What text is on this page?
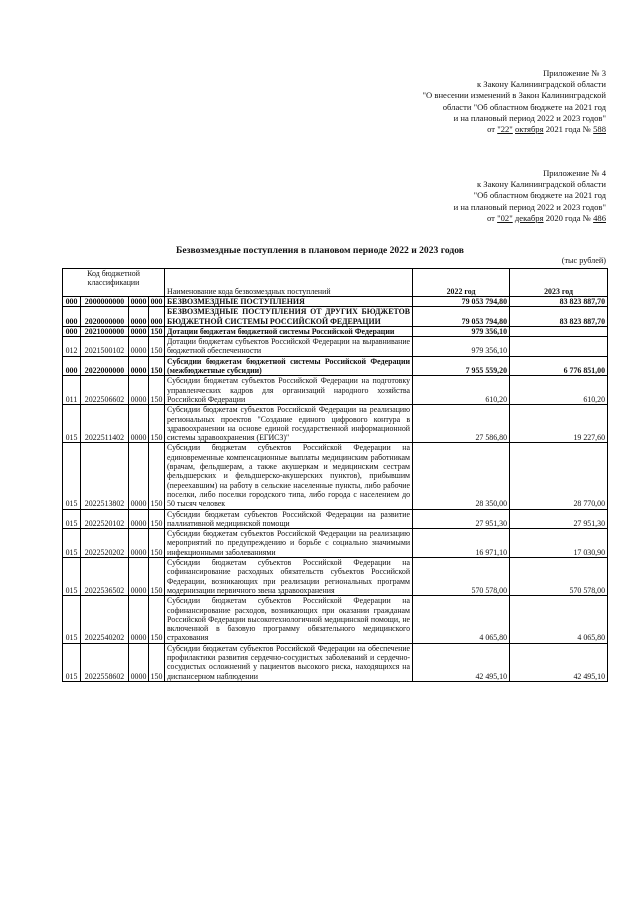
Приложение № 3
к Закону Калининградской области
"О внесении изменений в Закон Калининградской
области "Об областном бюджете на 2021 год
и на плановый период 2022 и 2023 годов"
от "22" октября 2021 года № 588
Приложение № 4
к Закону Калининградской области
"Об областном бюджете на 2021 год
и на плановый период 2022 и 2023 годов"
от "02" декабря 2020 года № 486
Безвозмездные поступления в плановом периоде 2022 и 2023 годов
(тыс рублей)
Код бюджетной классификации				Наименование кода безвозмездных поступлений	2022 год	2023 год
000	2000000000	0000	000	БЕЗВОЗМЕЗДНЫЕ ПОСТУПЛЕНИЯ	79 053 794,80	83 823 887,70
000	2020000000	0000	000	БЕЗВОЗМЕЗДНЫЕ ПОСТУПЛЕНИЯ ОТ ДРУГИХ БЮДЖЕТОВ БЮДЖЕТНОЙ СИСТЕМЫ РОССИЙСКОЙ ФЕДЕРАЦИИ	79 053 794,80	83 823 887,70
000	2021000000	0000	150	Дотации бюджетам бюджетной системы Российской Федерации	979 356,10	
012	2021500102	0000	150	Дотации бюджетам субъектов Российской Федерации на выравнивание бюджетной обеспеченности	979 356,10	
000	2022000000	0000	150	Субсидии бюджетам бюджетной системы Российской Федерации (межбюджетные субсидии)	7 955 559,20	6 776 851,00
011	2022506602	0000	150	Субсидии бюджетам субъектов Российской Федерации на подготовку управленческих кадров для организаций народного хозяйства Российской Федерации	610,20	610,20
015	2022511402	0000	150	Субсидии бюджетам субъектов Российской Федерации на реализацию региональных проектов "Создание единого цифрового контура в здравоохранении на основе единой государственной информационной системы здравоохранения (ЕГИСЗ)"	27 586,80	19 227,60
015	2022513802	0000	150	Субсидии бюджетам субъектов Российской Федерации на единовременные компенсационные выплаты медицинским работникам (врачам, фельдшерам, а также акушеркам и медицинским сестрам фельдшерских и фельдшерско-акушерских пунктов), прибывшим (переехавшим) на работу в сельские населенные пункты, либо рабочие поселки, либо поселки городского типа, либо города с населением до 50 тысяч человек	28 350,00	28 770,00
015	2022520102	0000	150	Субсидии бюджетам субъектов Российской Федерации на развитие паллиативной медицинской помощи	27 951,30	27 951,30
015	2022520202	0000	150	Субсидии бюджетам субъектов Российской Федерации на реализацию мероприятий по предупреждению и борьбе с социально значимыми инфекционными заболеваниями	16 971,10	17 030,90
015	2022536502	0000	150	Субсидии бюджетам субъектов Российской Федерации на софинансирование расходных обязательств субъектов Российской Федерации, возникающих при реализации региональных программ модернизации первичного звена здравоохранения	570 578,00	570 578,00
015	2022540202	0000	150	Субсидии бюджетам субъектов Российской Федерации на софинансирование расходов, возникающих при оказании гражданам Российской Федерации высокотехнологичной медицинской помощи, не включенной в базовую программу обязательного медицинского страхования	4 065,80	4 065,80
015	2022558602	0000	150	Субсидии бюджетам субъектов Российской Федерации на обеспечение профилактики развития сердечно-сосудистых заболеваний и сердечно-сосудистых осложнений у пациентов высокого риска, находящихся на диспансерном наблюдении	42 495,10	42 495,10
